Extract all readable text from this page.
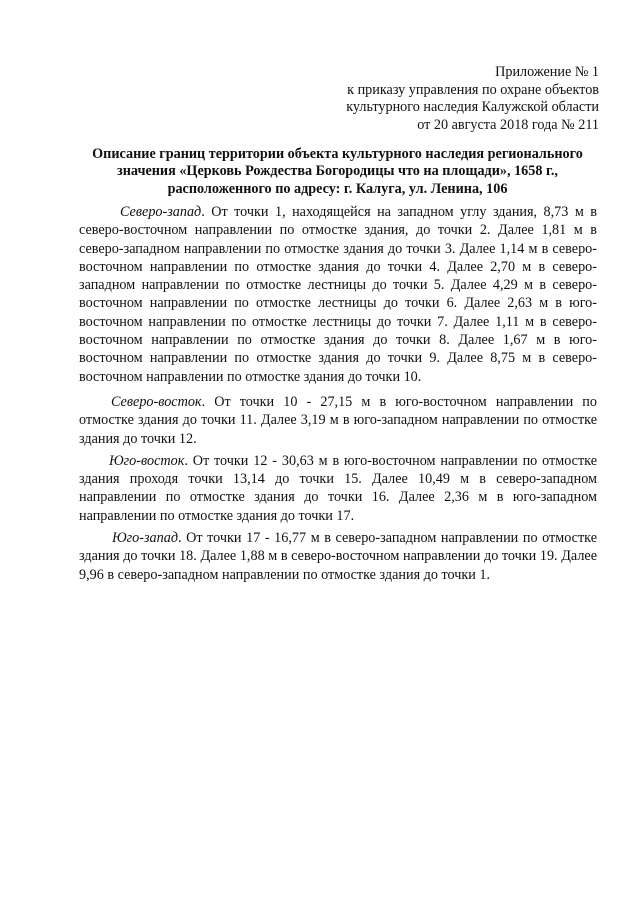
Приложение № 1
к приказу управления по охране объектов
культурного наследия Калужской области
от 20 августа 2018 года № 211
Описание границ территории объекта культурного наследия регионального
значения «Церковь Рождества Богородицы что на площади», 1658 г.,
расположенного по адресу: г. Калуга, ул. Ленина, 106

Северо-запад. От точки 1, находящейся на западном углу здания, 8,73 м в северо-восточном направлении по отмостке здания, до точки 2. Далее 1,81 м в северо-западном направлении по отмостке здания до точки 3. Далее 1,14 м в северо-восточном направлении по отмостке здания до точки 4. Далее 2,70 м в северо-западном направлении по отмостке лестницы до точки 5. Далее 4,29 м в северо-восточном направлении по отмостке лестницы до точки 6. Далее 2,63 м в юго-восточном направлении по отмостке лестницы до точки 7. Далее 1,11 м в северо-восточном направлении по отмостке здания до точки 8. Далее 1,67 м в юго-восточном направлении по отмостке здания до точки 9. Далее 8,75 м в северо-восточном направлении по отмостке здания до точки 10.

Северо-восток. От точки 10 - 27,15 м в юго-восточном направлении по отмостке здания до точки 11. Далее 3,19 м в юго-западном направлении по отмостке здания до точки 12.

Юго-восток. От точки 12 - 30,63 м в юго-восточном направлении по отмостке здания проходя точки 13,14 до точки 15. Далее 10,49 м в северо-западном направлении по отмостке здания до точки 16. Далее 2,36 м в юго-западном направлении по отмостке здания до точки 17.

Юго-запад. От точки 17 - 16,77 м в северо-западном направлении по отмостке здания до точки 18. Далее 1,88 м в северо-восточном направлении до точки 19. Далее 9,96 в северо-западном направлении по отмостке здания до точки 1.
